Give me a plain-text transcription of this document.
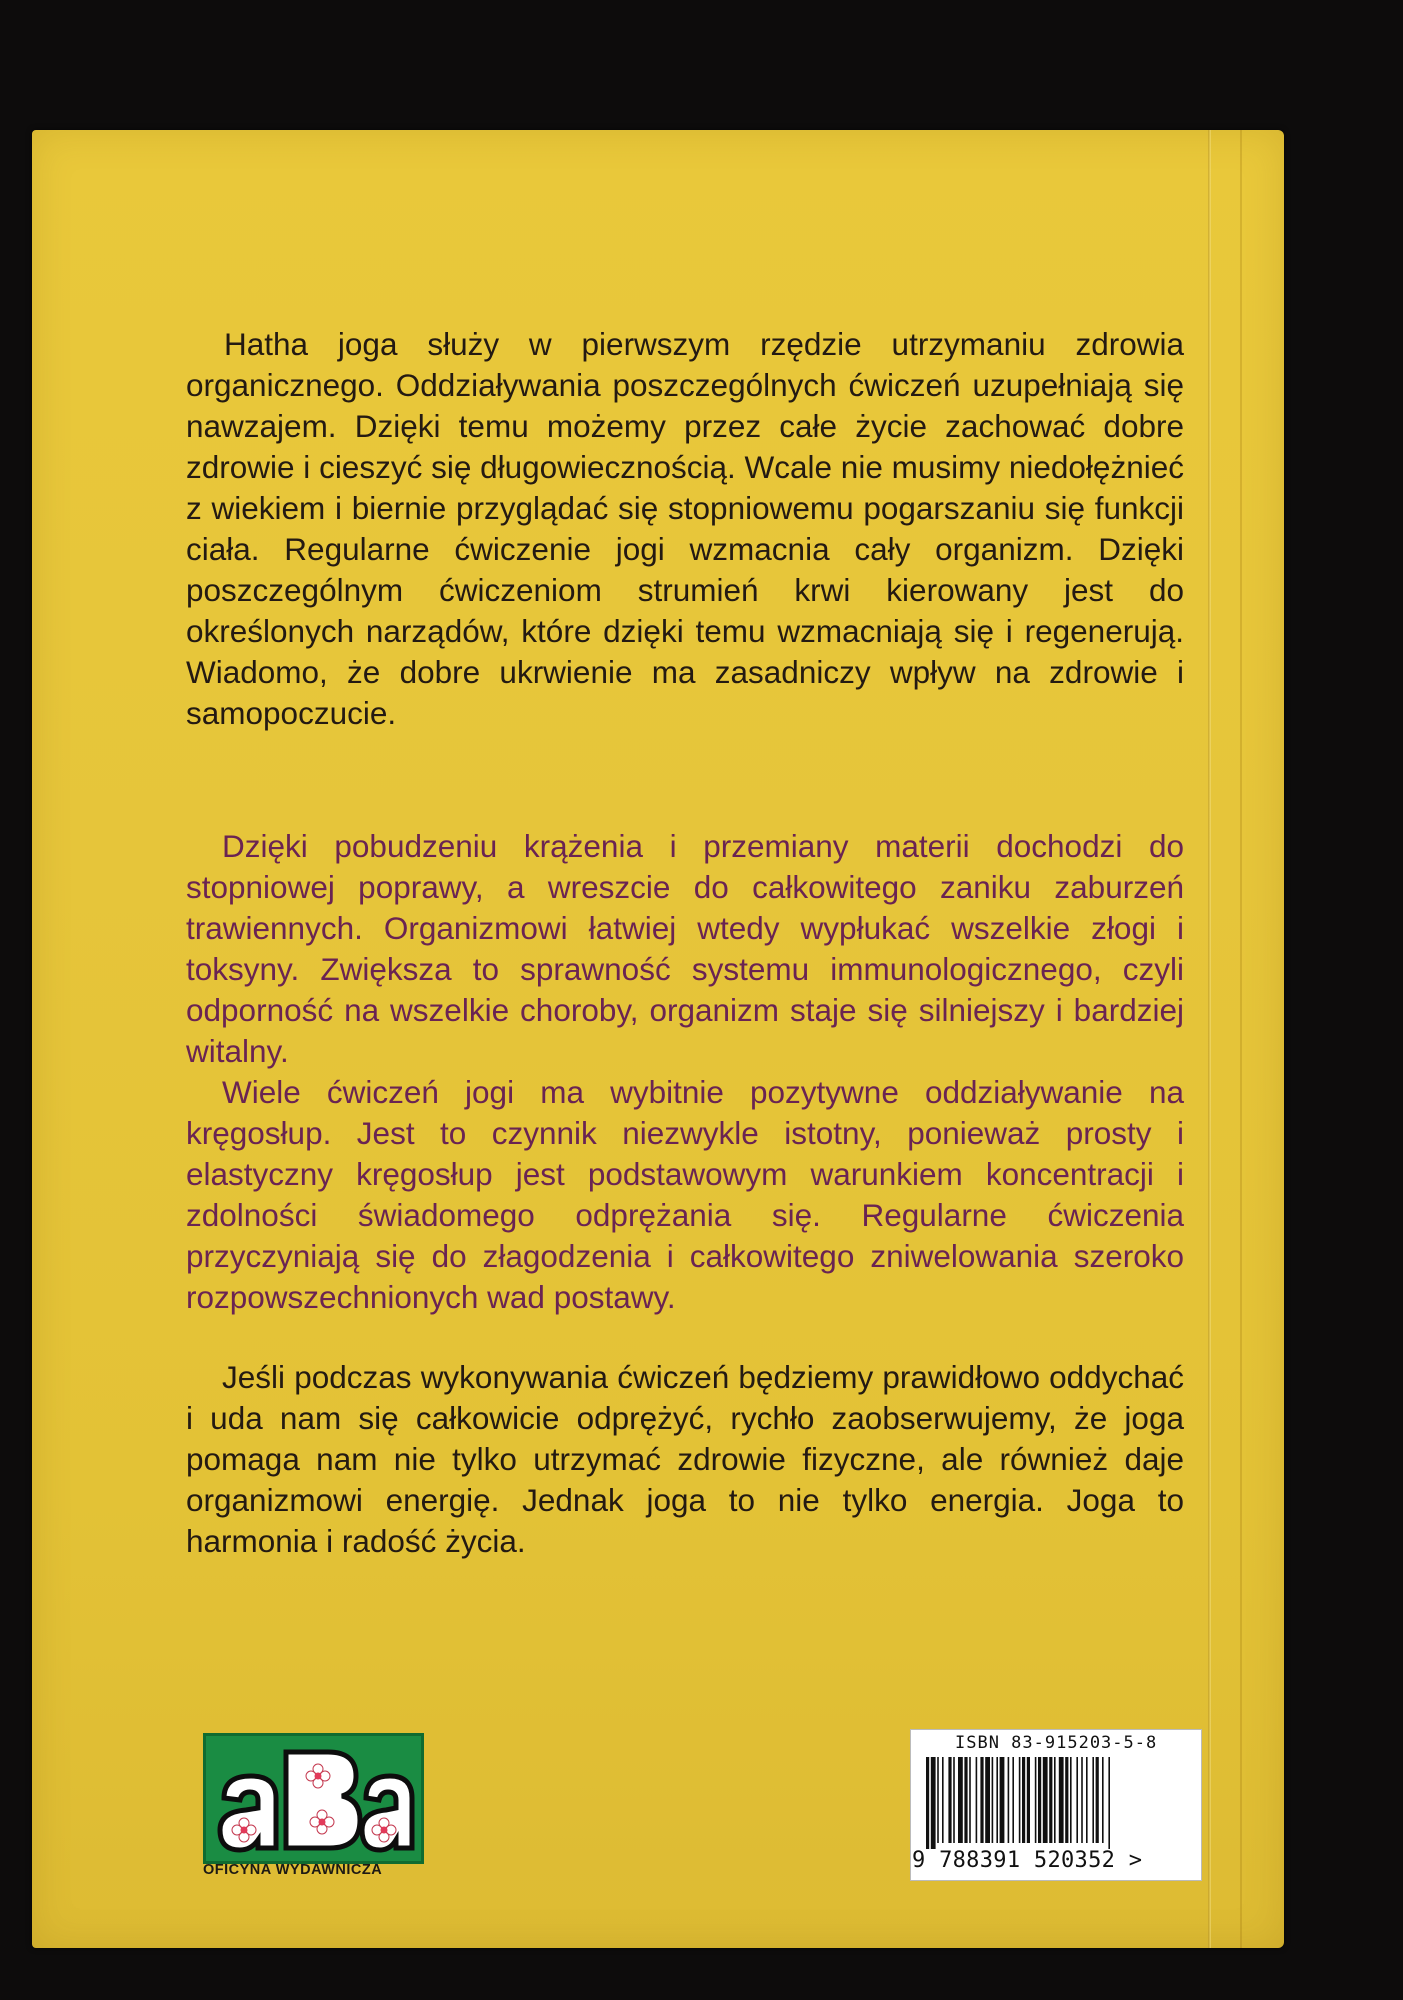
Hatha joga służy w pierwszym rzędzie utrzymaniu zdrowia organicznego. Oddziaływania poszczególnych ćwiczeń uzupełniają się nawzajem. Dzięki temu możemy przez całe życie zachować dobre zdrowie i cieszyć się długowiecznością. Wcale nie musimy niedołężnieć z wiekiem i biernie przyglądać się stopniowemu pogarszaniu się funkcji ciała. Regularne ćwiczenie jogi wzmacnia cały organizm. Dzięki poszczególnym ćwiczeniom strumień krwi kierowany jest do określonych narządów, które dzięki temu wzmacniają się i regenerują. Wiadomo, że dobre ukrwienie ma zasadniczy wpływ na zdrowie i samopoczucie.

Dzięki pobudzeniu krążenia i przemiany materii dochodzi do stopniowej poprawy, a wreszcie do całkowitego zaniku zaburzeń trawiennych. Organizmowi łatwiej wtedy wypłukać wszelkie złogi i toksyny. Zwiększa to sprawność systemu immunologicznego, czyli odporność na wszelkie choroby, organizm staje się silniejszy i bardziej witalny.

Wiele ćwiczeń jogi ma wybitnie pozytywne oddziaływanie na kręgosłup. Jest to czynnik niezwykle istotny, ponieważ prosty i elastyczny kręgosłup jest podstawowym warunkiem koncentracji i zdolności świadomego odprężania się. Regularne ćwiczenia przyczyniają się do złagodzenia i całkowitego zniwelowania szeroko rozpowszechnionych wad postawy.

Jeśli podczas wykonywania ćwiczeń będziemy prawidłowo oddychać i uda nam się całkowicie odprężyć, rychło zaobserwujemy, że joga pomaga nam nie tylko utrzymać zdrowie fizyczne, ale również daje organizmowi energię. Jednak joga to nie tylko energia. Joga to harmonia i radość życia.

OFICYNA WYDAWNICZA
ISBN 83-915203-5-8
9 788391 520352 >
